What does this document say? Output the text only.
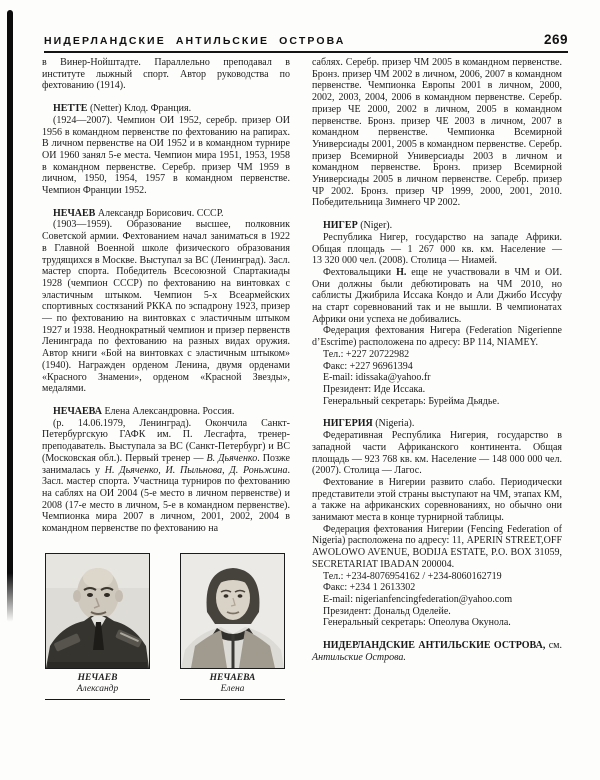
НИДЕРЛАНДСКИЕ АНТИЛЬСКИЕ ОСТРОВА	269

в Винер-Нойштадте. Параллельно преподавал в институте лыжный спорт. Автор руководства по фехтованию (1914).

НЕТТЕ (Netter) Клод. Франция.

(1924—2007). Чемпион ОИ 1952, серебр. призер ОИ 1956 в командном первенстве по фехтованию на рапирах. В личном первенстве на ОИ 1952 и в командном турнире ОИ 1960 занял 5-е места. Чемпион мира 1951, 1953, 1958 в командном первенстве. Серебр. призер ЧМ 1959 в личном, 1950, 1954, 1957 в командном первенстве. Чемпион Франции 1952.

НЕЧАЕВ Александр Борисович. СССР.

(1903—1959). Образование высшее, полковник Советской армии. Фехтованием начал заниматься в 1922 в Главной Военной школе физического образования трудящихся в Москве. Выступал за ВС (Ленинград). Засл. мастер спорта. Победитель Всесоюзной Спартакиады 1928 (чемпион СССР) по фехтованию на винтовках с эластичным штыком. Чемпион 5-х Всеармейских спортивных состязаний РККА по эспадрону 1923, призер — по фехтованию на винтовках с эластичным штыком 1927 и 1938. Неоднократный чемпион и призер первенств Ленинграда по фехтованию на разных видах оружия. Автор книги «Бой на винтовках с эластичным штыком» (1940). Награжден орденом Ленина, двумя орденами «Красного Знамени», орденом «Красной Звезды», медалями.

НЕЧАЕВА Елена Александровна. Россия.

(р. 14.06.1979, Ленинград). Окончила Санкт-Петербургскую ГАФК им. П. Лесгафта, тренер-преподаватель. Выступала за ВС (Санкт-Петербург) и ВС (Московская обл.). Первый тренер — В. Дьяченко. Позже занималась у Н. Дьяченко, И. Пыльнова, Д. Роньжина. Засл. мастер спорта. Участница турниров по фехтованию на саблях на ОИ 2004 (5-е место в личном первенстве) и 2008 (17-е место в личном, 5-е в командном первенстве). Чемпионка мира 2007 в личном, 2001, 2002, 2004 в командном первенстве по фехтованию на

саблях. Серебр. призер ЧМ 2005 в командном первенстве. Бронз. призер ЧМ 2002 в личном, 2006, 2007 в командном первенстве. Чемпионка Европы 2001 в личном, 2000, 2002, 2003, 2004, 2006 в командном первенстве. Серебр. призер ЧЕ 2000, 2002 в личном, 2005 в командном первенстве. Бронз. призер ЧЕ 2003 в личном, 2007 в командном первенстве. Чемпионка Всемирной Универсиады 2001, 2005 в командном первенстве. Серебр. призер Всемирной Универсиады 2003 в личном и командном первенстве. Бронз. призер Всемирной Универсиады 2005 в личном первенстве. Серебр. призер ЧР 2002. Бронз. призер ЧР 1999, 2000, 2001, 2010. Победительница Зимнего ЧР 2002.

НИГЕР (Niger).

Республика Нигер, государство на западе Африки. Общая площадь — 1 267 000 кв. км. Население — 13 320 000 чел. (2008). Столица — Ниамей.

Фехтовальщики Н. еще не участвовали в ЧМ и ОИ. Они должны были дебютировать на ЧМ 2010, но саблисты Джибрила Иссака Кондо и Али Джибо Иссуфу на старт соревнований так и не вышли. В чемпионатах Африки они успеха не добивались.

Федерация фехтования Нигера (Federation Nigerienne d’Escrime) расположена по адресу: BP 114, NIAMEY.

Тел.: +227 20722982

Факс: +227 96961394

E-mail: idissaka@yahoo.fr

Президент: Иде Иссака.

Генеральный секретарь: Бурейма Дьядье.

НИГЕРИЯ (Nigeria).

Федеративная Республика Нигерия, государство в западной части Африканского континента. Общая площадь — 923 768 кв. км. Население — 148 000 000 чел. (2007). Столица — Лагос.

Фехтование в Нигерии развито слабо. Периодически представители этой страны выступают на ЧМ, этапах КМ, а также на африканских соревнованиях, но обычно они занимают места в конце турнирной таблицы.

Федерация фехтования Нигерии (Fencing Federation of Nigeria) расположена по адресу: 11, APERIN STREET,OFF AWOLOWO AVENUE, BODIJA ESTATE, P.O. BOX 31059, SECRETARIAT IBADAN 200004.

Тел.: +234-8076954162 / +234-8060162719

Факс: +234 1 2613302

E-mail: nigerianfencingfederation@yahoo.com

Президент: Дональд Оделейе.

Генеральный секретарь: Опеолува Окунола.

НИДЕРЛАНДСКИЕ АНТИЛЬСКИЕ ОСТРОВА, см. Антильские Острова.

НЕЧАЕВ
Александр
НЕЧАЕВА
Елена
